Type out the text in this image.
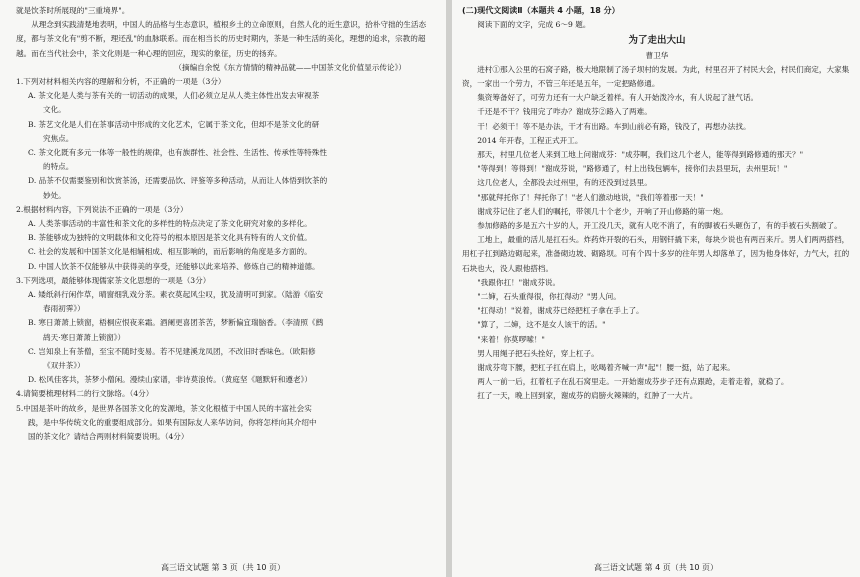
就是饮茶时所展现的"三重境界"。

从理念到实践清楚地表明，中国人的品格与生态意识，植根乡土的立命原则，自然人化的近生意识，拾朴守拙的生活态度，都与茶文化有"剪不断，理还乱"的血脉联系。而在相当长的历史时期内，茶是一种生活的美化，理想的追求，宗教的超越。而在当代社会中，茶文化则是一种心理的回应，现实的象征，历史的扬弃。

（摘编自余悦《东方情情的精神品就——中国茶文化价值显示传论》）

1.下列对材料相关内容的理解和分析，不正确的一项是（3分）

A. 茶文化是人类与茶有关的一切活动的成果，人们必须立足从人类主体性出发去审视茶

文化。

B. 茶艺文化是人们在茶事活动中形成的文化艺术，它属于茶文化，但却不是茶文化的研

究焦点。

C. 茶文化既有多元一体等一般性的规律，也有族群性、社会性、生活性、传承性等特殊性

的特点。

D. 品茶不仅需要鉴别和饮赏茶汤，还需要品饮、评鉴等多种活动，从而让人体悟到饮茶的

妙处。

2.根据材料内容，下列说法不正确的一项是（3分）

A. 人类茶事活动的丰富性和茶文化的多样性的特点决定了茶文化研究对象的多样化。

B. 茶能够成为独特的文明载体和文化符号的根本原因是茶文化具有特有的人文价值。

C. 社会的发展和中国茶文化是相辅相成、相互影响的，而后影响的角度是多方面的。

D. 中国人饮茶不仅能够从中获得美的享受，还能够以此来培养、修炼自己的精神道德。

3.下列选项，最能够体现儒家茶文化思想的一项是（3分）

A. 矮纸斜行闲作草，晴窗细乳戏分茶。素衣莫起风尘叹，犹及清明可到家。（陆游《临安

春雨初霁》）

B. 寒日萧萧上锁窗，梧桐应恨夜来霜。酒阑更喜团茶苦，梦断偏宜瑞脑香。（李清照《鹧

鸪天·寒日萧萧上锁窗》）

C. 岂知泉上有茶僧，至宝不随时变易。若不见建溪龙凤团，不改旧时香味色。（欧阳修

《双井茶》）

D. 松风佳客共，茶梦小僧闲。漫续山家谱，非诗莫浪传。（黄庭坚《题默轩和遵老》）

4.请简要梳理材料二的行文脉络。（4分）

5.中国是茶叶的故乡，是世界各国茶文化的发源地，茶文化根植于中国人民的丰富社会实

践，是中华传统文化的重要组成部分。如果有国际友人来华访问，你将怎样向其介绍中

国的茶文化？请结合两则材料简要说明。（4分）

高三语文试题 第 3 页（共 10 页）

(二)现代文阅读Ⅱ（本题共 4 小题，18 分）

阅读下面的文字，完成 6～9 题。

为了走出大山

曹卫华

进村①那入公里的石窝子路，极大地限制了汤子坝村的发展。为此，村里召开了村民大会，村民们商定，大家集资，一家出一个劳力，不管三年还是五年，一定把路修通。

集资筹备好了，可劳力还有一大户缺乏着样。有人开始泼冷水，有人说起了泄气话。

千还是不干？钱用完了咋办？谢成芬②路入了两难。

干！必须干！等不是办法，干才有出路。车到山前必有路，钱没了，再想办法找。

2014 年开春，工程正式开工。

那天，村里几位老人来到工地上问谢成芬："成芬啊，我们这几个老人，能等得到路修通的那天？"

"等得到！等得到！"谢成芬说，"路修通了，村上出钱包辆车，接你们去县里玩，去州里玩！"

这几位老人，全都没去过州里，有的还没到过县里。

"那就拜托你了！拜托你了！"老人们激动地说，"我们等着那一天！"

谢成芬记住了老人们的嘱托，带领几十个老少，开响了开山修路的第一炮。

参加修路的多是五六十岁的人，开工没几天，就有人吃不消了，有的脚被石头砸伤了，有的手被石头割破了。

工地上，最重的活儿是扛石头。炸药炸开裂的石头，用钢钎撬下来，每块少说也有两百来斤。男人们两两搭档，用杠子扛到路边砌起来，准备砌边坡、砌路坝。可有个四十多岁的往年男人却落单了，因为他身体好，力气大，扛的石块也大，没人跟他搭档。

"我跟你扛！"谢成芬说。

"二婶，石头重得很，你扛得动？"男人问。

"扛得动！"说着，谢成芬已经把杠子拿在手上了。

"算了，二婶，这不是女人该干的活。"

"来着！你莫啰嗦！"

男人用绳子把石头拴好，穿上杠子。

谢成芬弯下腰，把杠子扛在肩上，吆喝着齐喊一声"起"！腰一挺，站了起来。

两人一前一后，扛着杠子在乱石窝里走。一开始谢成芬步子还有点跟跄，走着走着，就稳了。

扛了一天，晚上回到家，谢成芬的肩膀火辣辣的，红肿了一大片。

高三语文试题 第 4 页（共 10 页）
